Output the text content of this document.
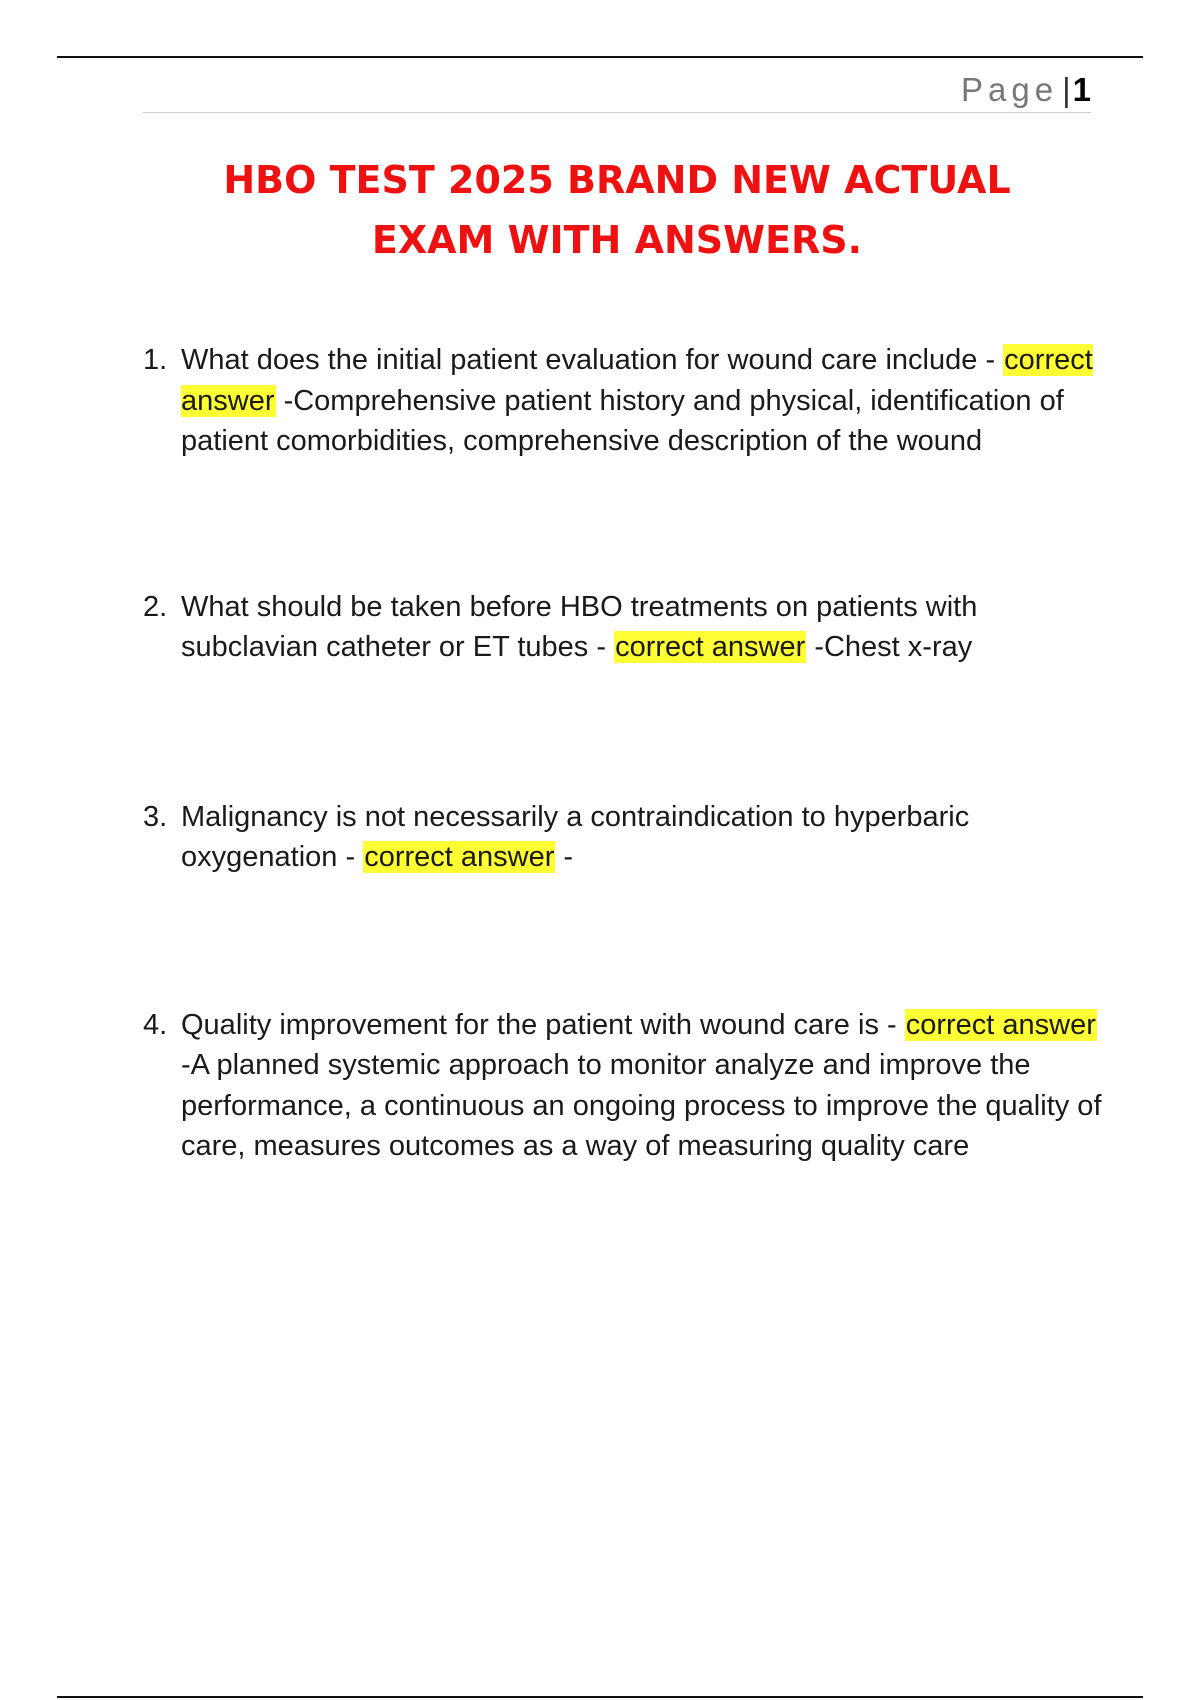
Page |1
HBO TEST 2025 BRAND NEW ACTUAL
EXAM WITH ANSWERS.
1. What does the initial patient evaluation for wound care include - correct answer -Comprehensive patient history and physical, identification of patient comorbidities, comprehensive description of the wound
2. What should be taken before HBO treatments on patients with subclavian catheter or ET tubes - correct answer -Chest x-ray
3. Malignancy is not necessarily a contraindication to hyperbaric oxygenation - correct answer -
4. Quality improvement for the patient with wound care is - correct answer -A planned systemic approach to monitor analyze and improve the performance, a continuous an ongoing process to improve the quality of care, measures outcomes as a way of measuring quality care
